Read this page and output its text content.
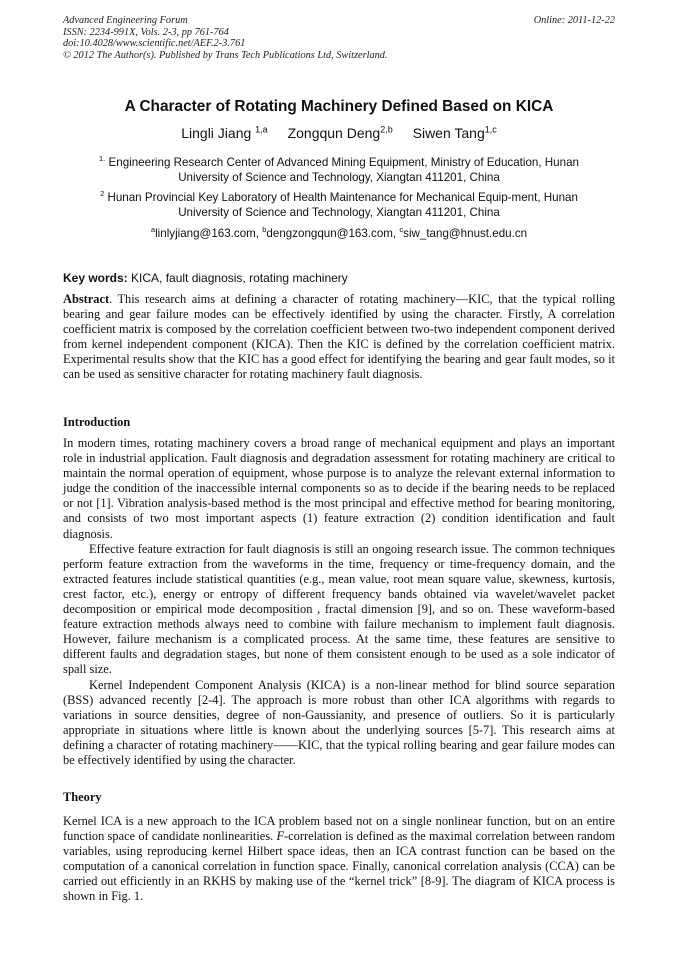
Advanced Engineering Forum
ISSN: 2234-991X, Vols. 2-3, pp 761-764
doi:10.4028/www.scientific.net/AEF.2-3.761
© 2012 The Author(s). Published by Trans Tech Publications Ltd, Switzerland.
Online: 2011-12-22
A Character of Rotating Machinery Defined Based on KICA
Lingli Jiang $^{1,a}$ Zongqun Deng$^{2,b}$ Siwen Tang$^{1,c}$
$^{1.}$ Engineering Research Center of Advanced Mining Equipment, Ministry of Education, Hunan
University of Science and Technology, Xiangtan 411201, China
$^2$ Hunan Provincial Key Laboratory of Health Maintenance for Mechanical Equip-ment, Hunan
University of Science and Technology, Xiangtan 411201, China
$^a$linlyjiang@163.com, $^b$dengzongqun@163.com, $^c$siw_tang@hnust.edu.cn
Key words: KICA, fault diagnosis, rotating machinery
Abstract. This research aims at defining a character of rotating machinery—KIC, that the typical rolling bearing and gear failure modes can be effectively identified by using the character. Firstly, A correlation coefficient matrix is composed by the correlation coefficient between two-two independent component derived from kernel independent component (KICA). Then the KIC is defined by the correlation coefficient matrix. Experimental results show that the KIC has a good effect for identifying the bearing and gear fault modes, so it can be used as sensitive character for rotating machinery fault diagnosis.
Introduction

In modern times, rotating machinery covers a broad range of mechanical equipment and plays an important role in industrial application. Fault diagnosis and degradation assessment for rotating machinery are critical to maintain the normal operation of equipment, whose purpose is to analyze the relevant external information to judge the condition of the inaccessible internal components so as to decide if the bearing needs to be replaced or not [1]. Vibration analysis-based method is the most principal and effective method for bearing monitoring, and consists of two most important aspects (1) feature extraction (2) condition identification and fault diagnosis.

Effective feature extraction for fault diagnosis is still an ongoing research issue. The common techniques perform feature extraction from the waveforms in the time, frequency or time-frequency domain, and the extracted features include statistical quantities (e.g., mean value, root mean square value, skewness, kurtosis, crest factor, etc.), energy or entropy of different frequency bands obtained via wavelet/wavelet packet decomposition or empirical mode decomposition , fractal dimension [9], and so on. These waveform-based feature extraction methods always need to combine with failure mechanism to implement fault diagnosis. However, failure mechanism is a complicated process. At the same time, these features are sensitive to different faults and degradation stages, but none of them consistent enough to be used as a sole indicator of spall size.

Kernel Independent Component Analysis (KICA) is a non-linear method for blind source separation (BSS) advanced recently [2-4]. The approach is more robust than other ICA algorithms with regards to variations in source densities, degree of non-Gaussianity, and presence of outliers. So it is particularly appropriate in situations where little is known about the underlying sources [5-7]. This research aims at defining a character of rotating machinery——KIC, that the typical rolling bearing and gear failure modes can be effectively identified by using the character.

Theory

Kernel ICA is a new approach to the ICA problem based not on a single nonlinear function, but on an entire function space of candidate nonlinearities. F-correlation is defined as the maximal correlation between random variables, using reproducing kernel Hilbert space ideas, then an ICA contrast function can be based on the computation of a canonical correlation in function space. Finally, canonical correlation analysis (CCA) can be carried out efficiently in an RKHS by making use of the “kernel trick” [8-9]. The diagram of KICA process is shown in Fig. 1.
